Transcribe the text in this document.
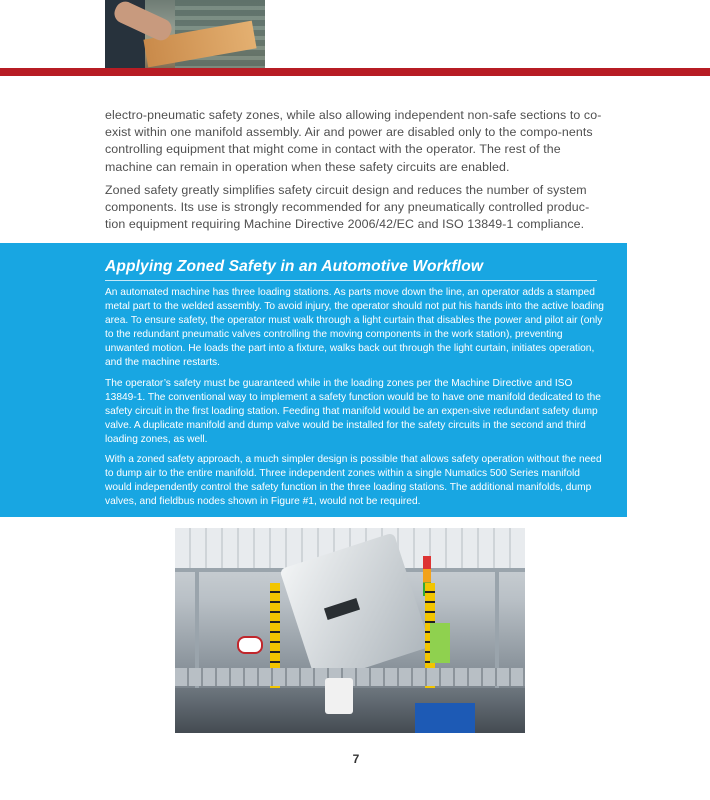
electro-pneumatic safety zones, while also allowing independent non-safe sections to co-exist within one manifold assembly. Air and power are disabled only to the compo-nents controlling equipment that might come in contact with the operator. The rest of the machine can remain in operation when these safety circuits are enabled.

Zoned safety greatly simplifies safety circuit design and reduces the number of system components. Its use is strongly recommended for any pneumatically controlled produc-tion equipment requiring Machine Directive 2006/42/EC and ISO 13849-1 compliance.

Applying Zoned Safety in an Automotive Workflow

An automated machine has three loading stations. As parts move down the line, an operator adds a stamped metal part to the welded assembly. To avoid injury, the operator should not put his hands into the active loading area. To ensure safety, the operator must walk through a light curtain that disables the power and pilot air (only to the redundant pneumatic valves controlling the moving components in the work station), preventing unwanted motion. He loads the part into a fixture, walks back out through the light curtain, initiates operation, and the machine restarts.

The operator’s safety must be guaranteed while in the loading zones per the Machine Directive and ISO 13849-1. The conventional way to implement a safety function would be to have one manifold dedicated to the safety circuit in the first loading station. Feeding that manifold would be an expen-sive redundant safety dump valve. A duplicate manifold and dump valve would be installed for the safety circuits in the second and third loading zones, as well.

With a zoned safety approach, a much simpler design is possible that allows safety operation without the need to dump air to the entire manifold. Three independent zones within a single Numatics 500 Series manifold would independently control the safety function in the three loading stations. The additional manifolds, dump valves, and fieldbus nodes shown in Figure #1, would not be required.

7
